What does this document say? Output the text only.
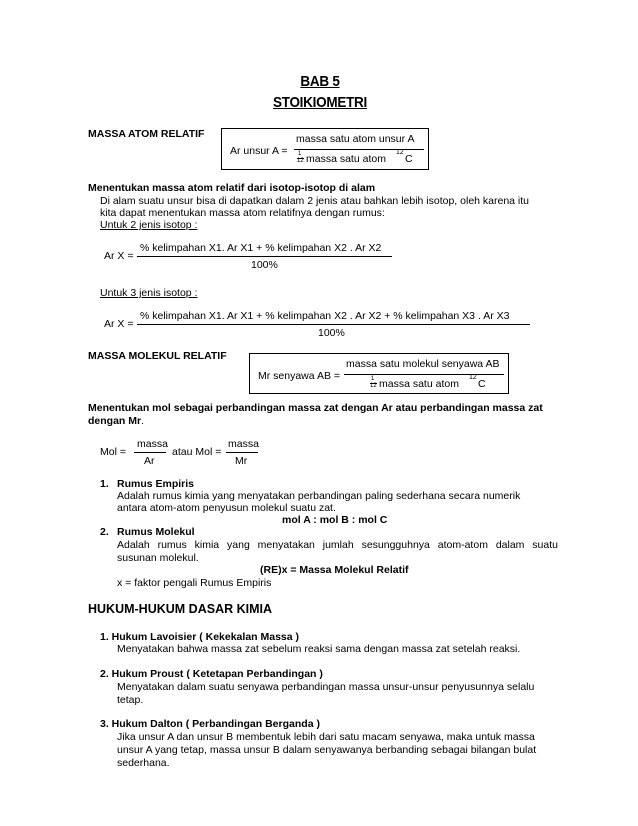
BAB 5
STOIKIOMETRI
MASSA ATOM RELATIF
Ar unsur A =
massa satu atom unsur A
1
12 massa satu atom
12
C
Menentukan massa atom relatif dari isotop-isotop di alam
Di alam suatu unsur bisa di dapatkan dalam 2 jenis atau bahkan lebih isotop, oleh karena itu
kita dapat menentukan massa atom relatifnya dengan rumus:
Untuk 2 jenis isotop :
Ar X =
% kelimpahan X1. Ar X1 + % kelimpahan X2 . Ar X2
100%
Untuk 3 jenis isotop :
Ar X =
% kelimpahan X1. Ar X1 + % kelimpahan X2 . Ar X2 + % kelimpahan X3 . Ar X3
100%
MASSA MOLEKUL RELATIF
Mr senyawa AB =
massa satu molekul senyawa AB
1
12 massa satu atom
12
C
Menentukan mol sebagai perbandingan massa zat dengan Ar atau perbandingan massa zat
dengan Mr.
Mol =
massa
Ar
atau Mol =
massa
Mr
1. Rumus Empiris
Adalah rumus kimia yang menyatakan perbandingan paling sederhana secara numerik
antara atom-atom penyusun molekul suatu zat.
mol A : mol B : mol C
2. Rumus Molekul
Adalah rumus kimia yang menyatakan jumlah sesungguhnya atom-atom dalam suatu
susunan molekul.
(RE)x = Massa Molekul Relatif
x = faktor pengali Rumus Empiris
HUKUM-HUKUM DASAR KIMIA
1. Hukum Lavoisier ( Kekekalan Massa )
Menyatakan bahwa massa zat sebelum reaksi sama dengan massa zat setelah reaksi.
2. Hukum Proust ( Ketetapan Perbandingan )
Menyatakan dalam suatu senyawa perbandingan massa unsur-unsur penyusunnya selalu
tetap.
3. Hukum Dalton ( Perbandingan Berganda )
Jika unsur A dan unsur B membentuk lebih dari satu macam senyawa, maka untuk massa
unsur A yang tetap, massa unsur B dalam senyawanya berbanding sebagai bilangan bulat
sederhana.
